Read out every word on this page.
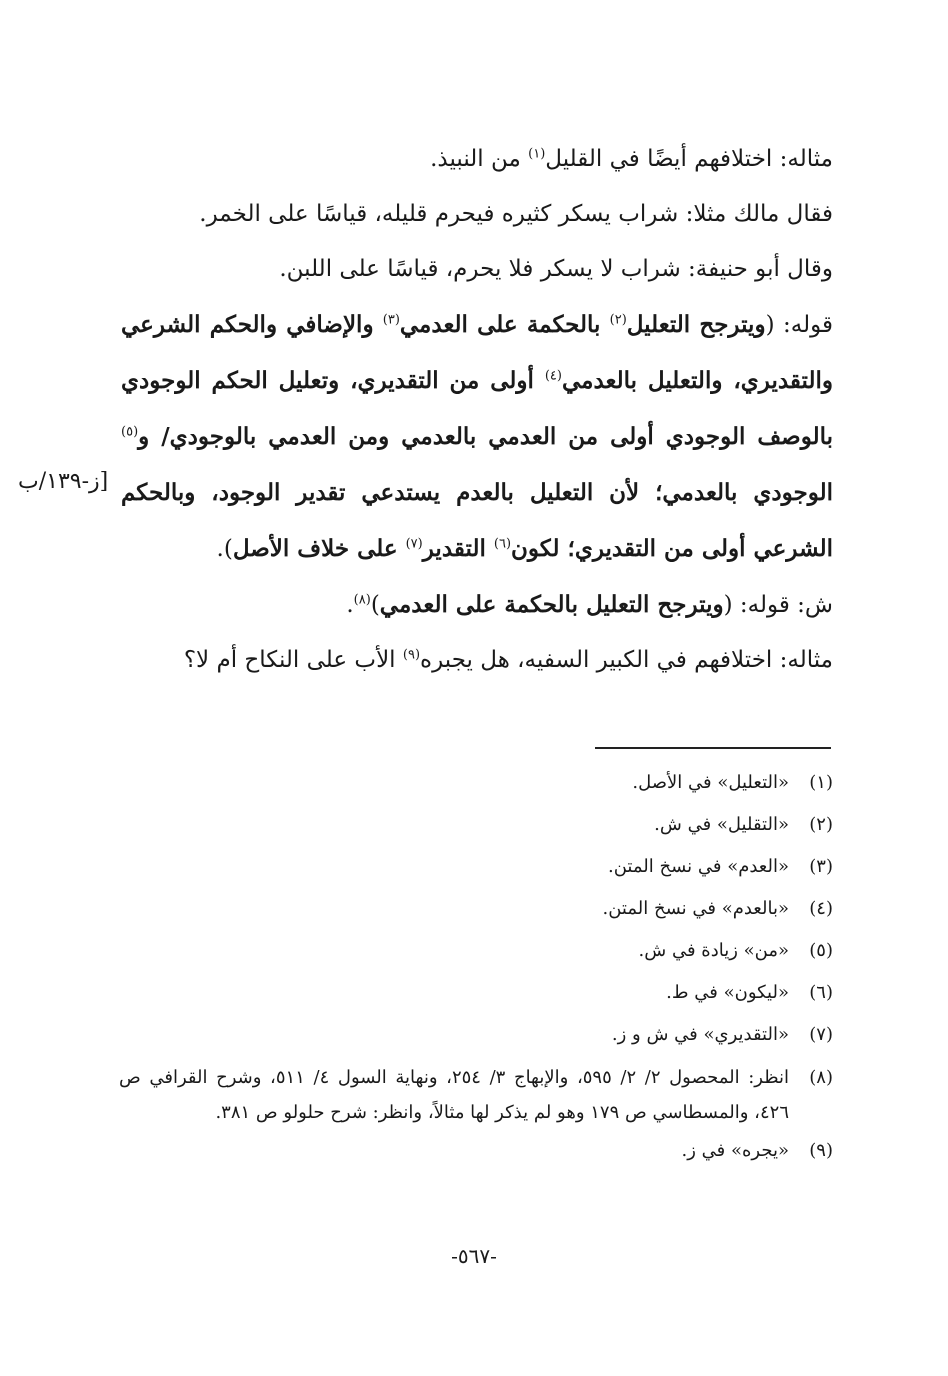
مثاله: اختلافهم أيضًا في القليل$^{(١)}$ من النبيذ.

فقال مالك مثلا: شراب يسكر كثيره فيحرم قليله، قياسًا على الخمر.

وقال أبو حنيفة: شراب لا يسكر فلا يحرم، قياسًا على اللبن.

قوله: (ويترجح التعليل$^{(٢)}$ بالحكمة على العدمي$^{(٣)}$ والإضافي والحكم الشرعي والتقديري، والتعليل بالعدمي$^{(٤)}$ أولى من التقديري، وتعليل الحكم الوجودي بالوصف الوجودي أولى من العدمي بالعدمي ومن العدمي بالوجودي/ و$^{(٥)}$ الوجودي بالعدمي؛ لأن التعليل بالعدم يستدعي تقدير الوجود، وبالحكم الشرعي أولى من التقديري؛ لكون$^{(٦)}$ التقدير$^{(٧)}$ على خلاف الأصل).

ش: قوله: (ويترجح التعليل بالحكمة على العدمي)$^{(٨)}$.

مثاله: اختلافهم في الكبير السفيه، هل يجبره$^{(٩)}$ الأب على النكاح أم لا؟

[ز-١٣٩/ب
(١)
«التعليل» في الأصل.
(٢)
«التقليل» في ش.
(٣)
«العدم» في نسخ المتن.
(٤)
«بالعدم» في نسخ المتن.
(٥)
«من» زيادة في ش.
(٦)
«ليكون» في ط.
(٧)
«التقديري» في ش و ز.
(٨)
انظر: المحصول ٢/ ٢/ ٥٩٥، والإبهاج ٣/ ٢٥٤، ونهاية السول ٤/ ٥١١، وشرح القرافي ص ٤٢٦، والمسطاسي ص ١٧٩ وهو لم يذكر لها مثالاً، وانظر: شرح حلولو ص ٣٨١.
(٩)
«يجره» في ز.
-٥٦٧-
